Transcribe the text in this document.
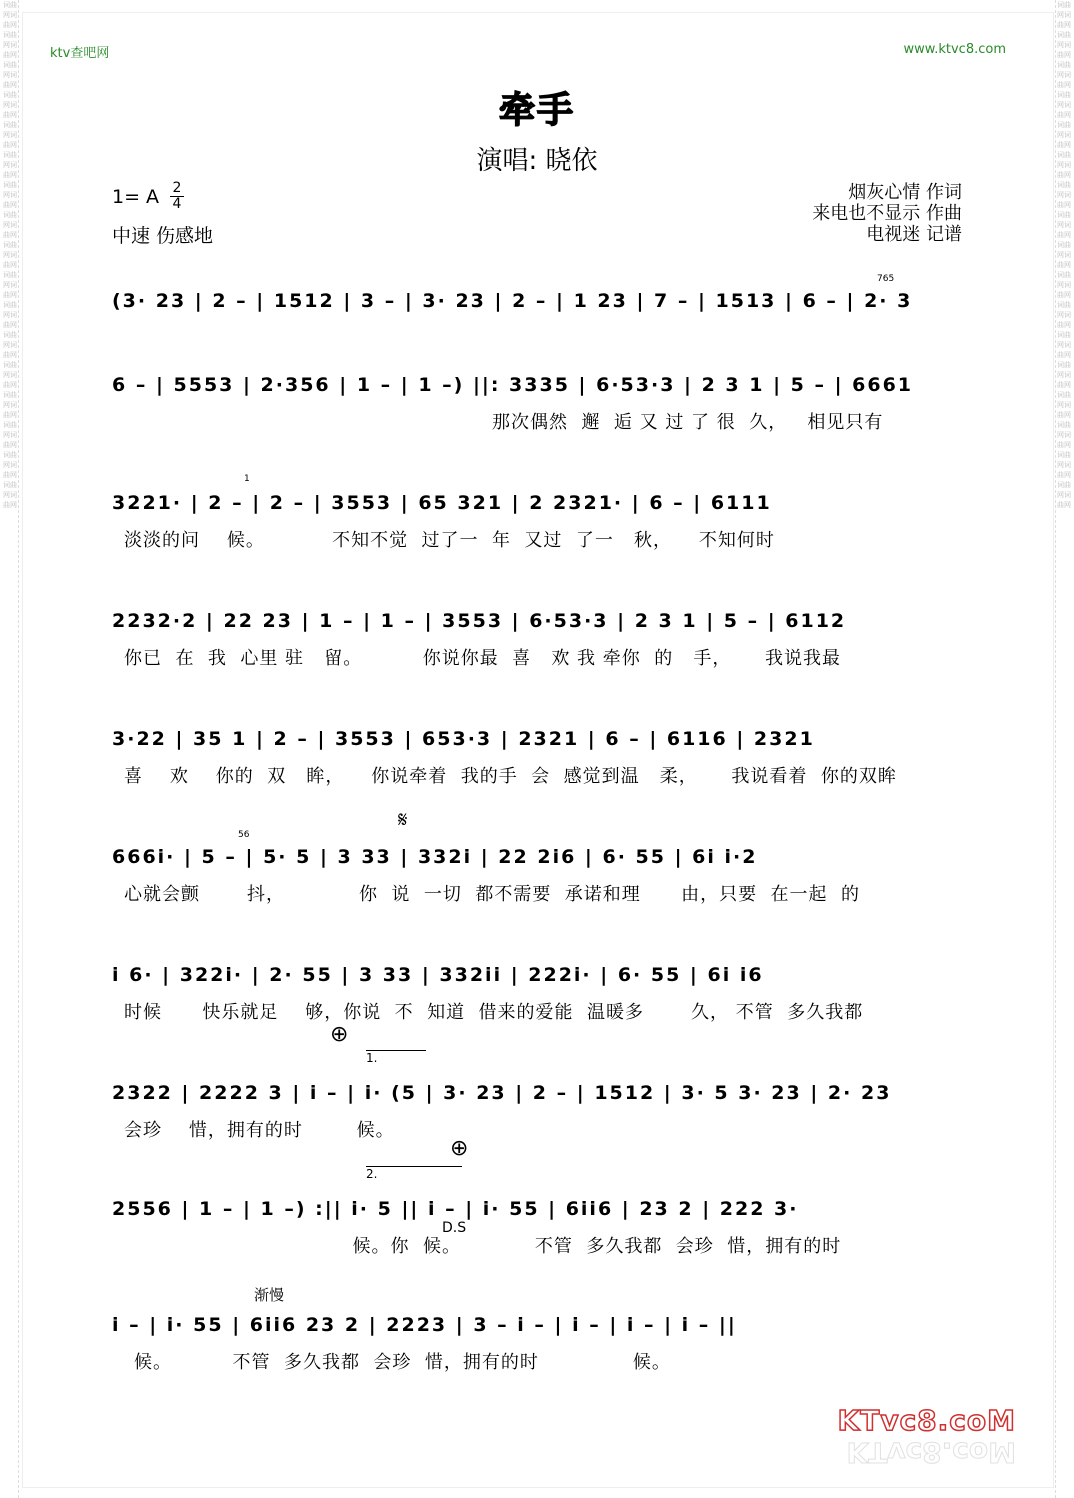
词曲网词曲网词曲网词曲网词曲网词曲网词曲网词曲网词曲网词曲网词曲网词曲网词曲网词曲网词曲网词曲网词曲网词曲网词曲网词曲网词曲网词曲网词曲网词曲网词曲网词曲网词曲网词曲网词曲网词曲网词曲网词曲网词曲网词曲网
词曲网词曲网词曲网词曲网词曲网词曲网词曲网词曲网词曲网词曲网词曲网词曲网词曲网词曲网词曲网词曲网词曲网词曲网词曲网词曲网词曲网词曲网词曲网词曲网词曲网词曲网词曲网词曲网词曲网词曲网词曲网词曲网词曲网词曲网
ktv查吧网	www.ktvc8.com
牵手
演唱: 晓依
1= A 2
4
中速 伤感地
烟灰心情 作词
来电也不显示 作曲
电视迷 记谱
(3· 23 | 2 – | 1512 | 3 – | 3· 23 | 2 – | 1 23 | 7 – | 1513 | 6 – | 2· 3
765
6 – | 5553 | 2·356 | 1 – | 1 –) ||: 3335 | 6·53·3 | 2 3 1 | 5 – | 6661
那次偶然  邂  逅 又 过 了 很  久，   相见只有
3221· | 2 – | 2 – | 3553 | 65 321 | 2 2321· | 6 – | 6111
1
淡淡的问    候。          不知不觉  过了一  年  又过  了一   秋，    不知何时
2232·2 | 22 23 | 1 – | 1 – | 3553 | 6·53·3 | 2 3 1 | 5 – | 6112
你已  在  我  心里 驻   留。         你说你最  喜   欢 我 牵你  的   手，     我说我最
3·22 | 35 1 | 2 – | 3553 | 653·3 | 2321 | 6 – | 6116 | 2321
喜    欢    你的  双   眸，    你说牵着  我的手  会  感觉到温   柔，     我说看着  你的双眸
𝄋
666i· | 5 – | 5· 5 | 3 33 | 332i | 22 2i6 | 6· 55 | 6i i·2
56
心就会颤       抖，           你  说  一切  都不需要  承诺和理      由，只要  在一起  的
i 6· | 322i· | 2· 55 | 3 33 | 332ii | 222i· | 6· 55 | 6i i6
时候      快乐就足    够，你说  不  知道  借来的爱能  温暖多       久， 不管  多久我都
⊕
1.
2322 | 2222 3 | i – | i· (5 | 3· 23 | 2 – | 1512 | 3· 5 3· 23 | 2· 23
会珍    惜，拥有的时        候。
⊕
2.
2556 | 1 – | 1 –) :|| i· 5 || i – | i· 55 | 6ii6 | 23 2 | 222 3·
D.S
候。你  候。           不管  多久我都  会珍  惜，拥有的时
渐慢
i – | i· 55 | 6ii6 23 2 | 2223 | 3 – i – | i – | i – | i – ||
候。         不管  多久我都  会珍  惜，拥有的时              候。
KTvc8.coM
KTvc8.coM
